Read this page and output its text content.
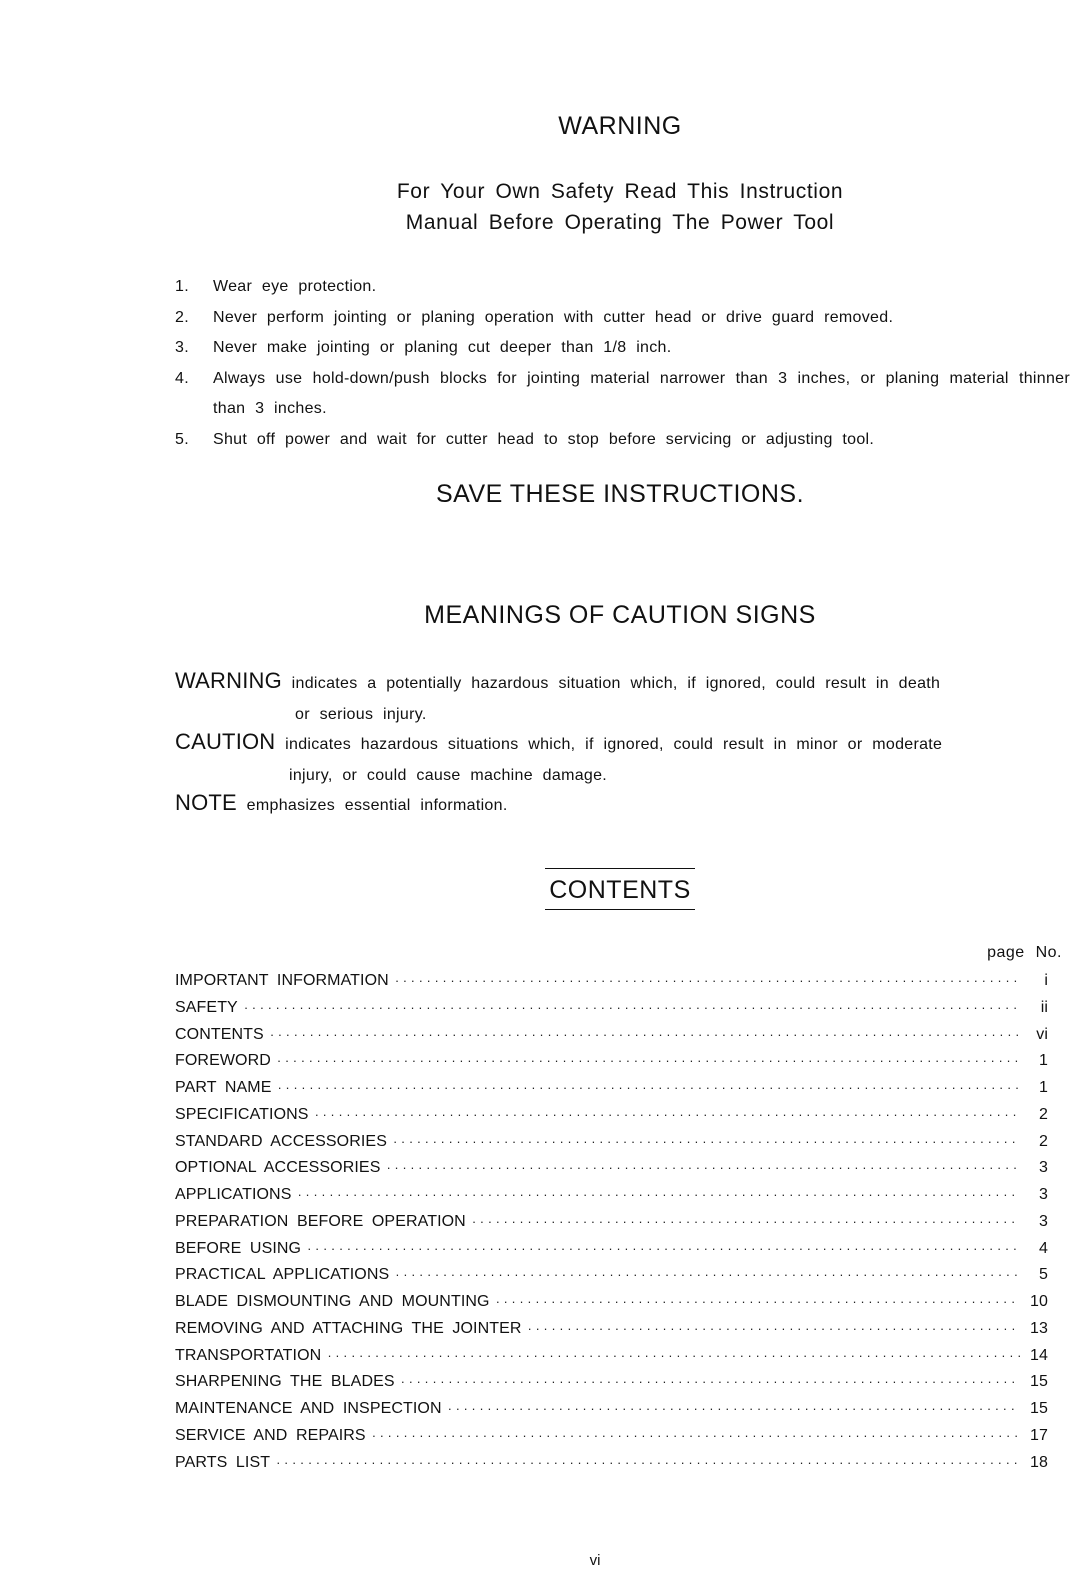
WARNING

For Your Own Safety Read This Instruction

Manual Before Operating The Power Tool

1. Wear eye protection.
2. Never perform jointing or planing operation with cutter head or drive guard removed.
3. Never make jointing or planing cut deeper than 1/8 inch.
4. Always use hold-down/push blocks for jointing material narrower than 3 inches, or planing material thinner than 3 inches.
5. Shut off power and wait for cutter head to stop before servicing or adjusting tool.
SAVE THESE INSTRUCTIONS.
MEANINGS OF CAUTION SIGNS
WARNING indicates a potentially hazardous situation which, if ignored, could result in death
or serious injury.
CAUTION indicates hazardous situations which, if ignored, could result in minor or moderate
injury, or could cause machine damage.
NOTE emphasizes essential information.
CONTENTS
page No.
IMPORTANT INFORMATION ·····	i
SAFETY ·····	ii
CONTENTS ·····	vi
FOREWORD ·····	1
PART NAME ·····	1
SPECIFICATIONS ·····	2
STANDARD ACCESSORIES ·····	2
OPTIONAL ACCESSORIES ·····	3
APPLICATIONS ·····	3
PREPARATION BEFORE OPERATION ·····	3
BEFORE USING ·····	4
PRACTICAL APPLICATIONS ·····	5
BLADE DISMOUNTING AND MOUNTING ·····	10
REMOVING AND ATTACHING THE JOINTER ·····	13
TRANSPORTATION ·····	14
SHARPENING THE BLADES ·····	15
MAINTENANCE AND INSPECTION ·····	15
SERVICE AND REPAIRS ·····	17
PARTS LIST ·····	18
vi
